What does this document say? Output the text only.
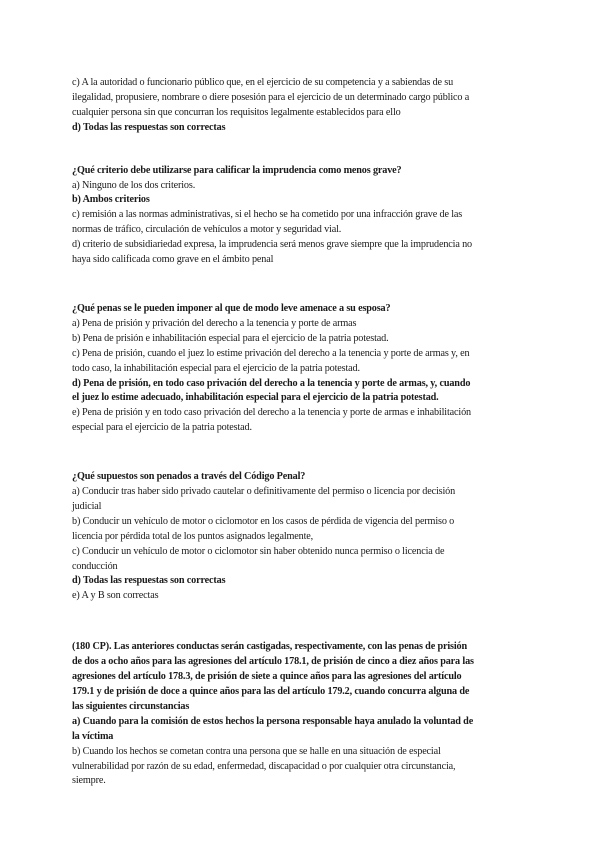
c) A la autoridad o funcionario público que, en el ejercicio de su competencia y a sabiendas de su
ilegalidad, propusiere, nombrare o diere posesión para el ejercicio de un determinado cargo público a
cualquier persona sin que concurran los requisitos legalmente establecidos para ello
d) Todas las respuestas son correctas
¿Qué criterio debe utilizarse para calificar la imprudencia como menos grave?
a) Ninguno de los dos criterios.
b) Ambos criterios
c) remisión a las normas administrativas, si el hecho se ha cometido por una infracción grave de las
normas de tráfico, circulación de vehículos a motor y seguridad vial.
d) criterio de subsidiariedad expresa, la imprudencia será menos grave siempre que la imprudencia no
haya sido calificada como grave en el ámbito penal
¿Qué penas se le pueden imponer al que de modo leve amenace a su esposa?
a) Pena de prisión y privación del derecho a la tenencia y porte de armas
b) Pena de prisión e inhabilitación especial para el ejercicio de la patria potestad.
c) Pena de prisión, cuando el juez lo estime privación del derecho a la tenencia y porte de armas y, en
todo caso, la inhabilitación especial para el ejercicio de la patria potestad.
d) Pena de prisión, en todo caso privación del derecho a la tenencia y porte de armas, y, cuando
el juez lo estime adecuado, inhabilitación especial para el ejercicio de la patria potestad.
e) Pena de prisión y en todo caso privación del derecho a la tenencia y porte de armas e inhabilitación
especial para el ejercicio de la patria potestad.
¿Qué supuestos son penados a través del Código Penal?
a) Conducir tras haber sido privado cautelar o definitivamente del permiso o licencia por decisión
judicial
b) Conducir un vehículo de motor o ciclomotor en los casos de pérdida de vigencia del permiso o
licencia por pérdida total de los puntos asignados legalmente,
c) Conducir un vehículo de motor o ciclomotor sin haber obtenido nunca permiso o licencia de
conducción
d) Todas las respuestas son correctas
e) A y B son correctas
(180 CP). Las anteriores conductas serán castigadas, respectivamente, con las penas de prisión
de dos a ocho años para las agresiones del artículo 178.1, de prisión de cinco a diez años para las
agresiones del artículo 178.3, de prisión de siete a quince años para las agresiones del artículo
179.1 y de prisión de doce a quince años para las del artículo 179.2, cuando concurra alguna de
las siguientes circunstancias
a) Cuando para la comisión de estos hechos la persona responsable haya anulado la voluntad de
la víctima
b) Cuando los hechos se cometan contra una persona que se halle en una situación de especial
vulnerabilidad por razón de su edad, enfermedad, discapacidad o por cualquier otra circunstancia,
siempre.
